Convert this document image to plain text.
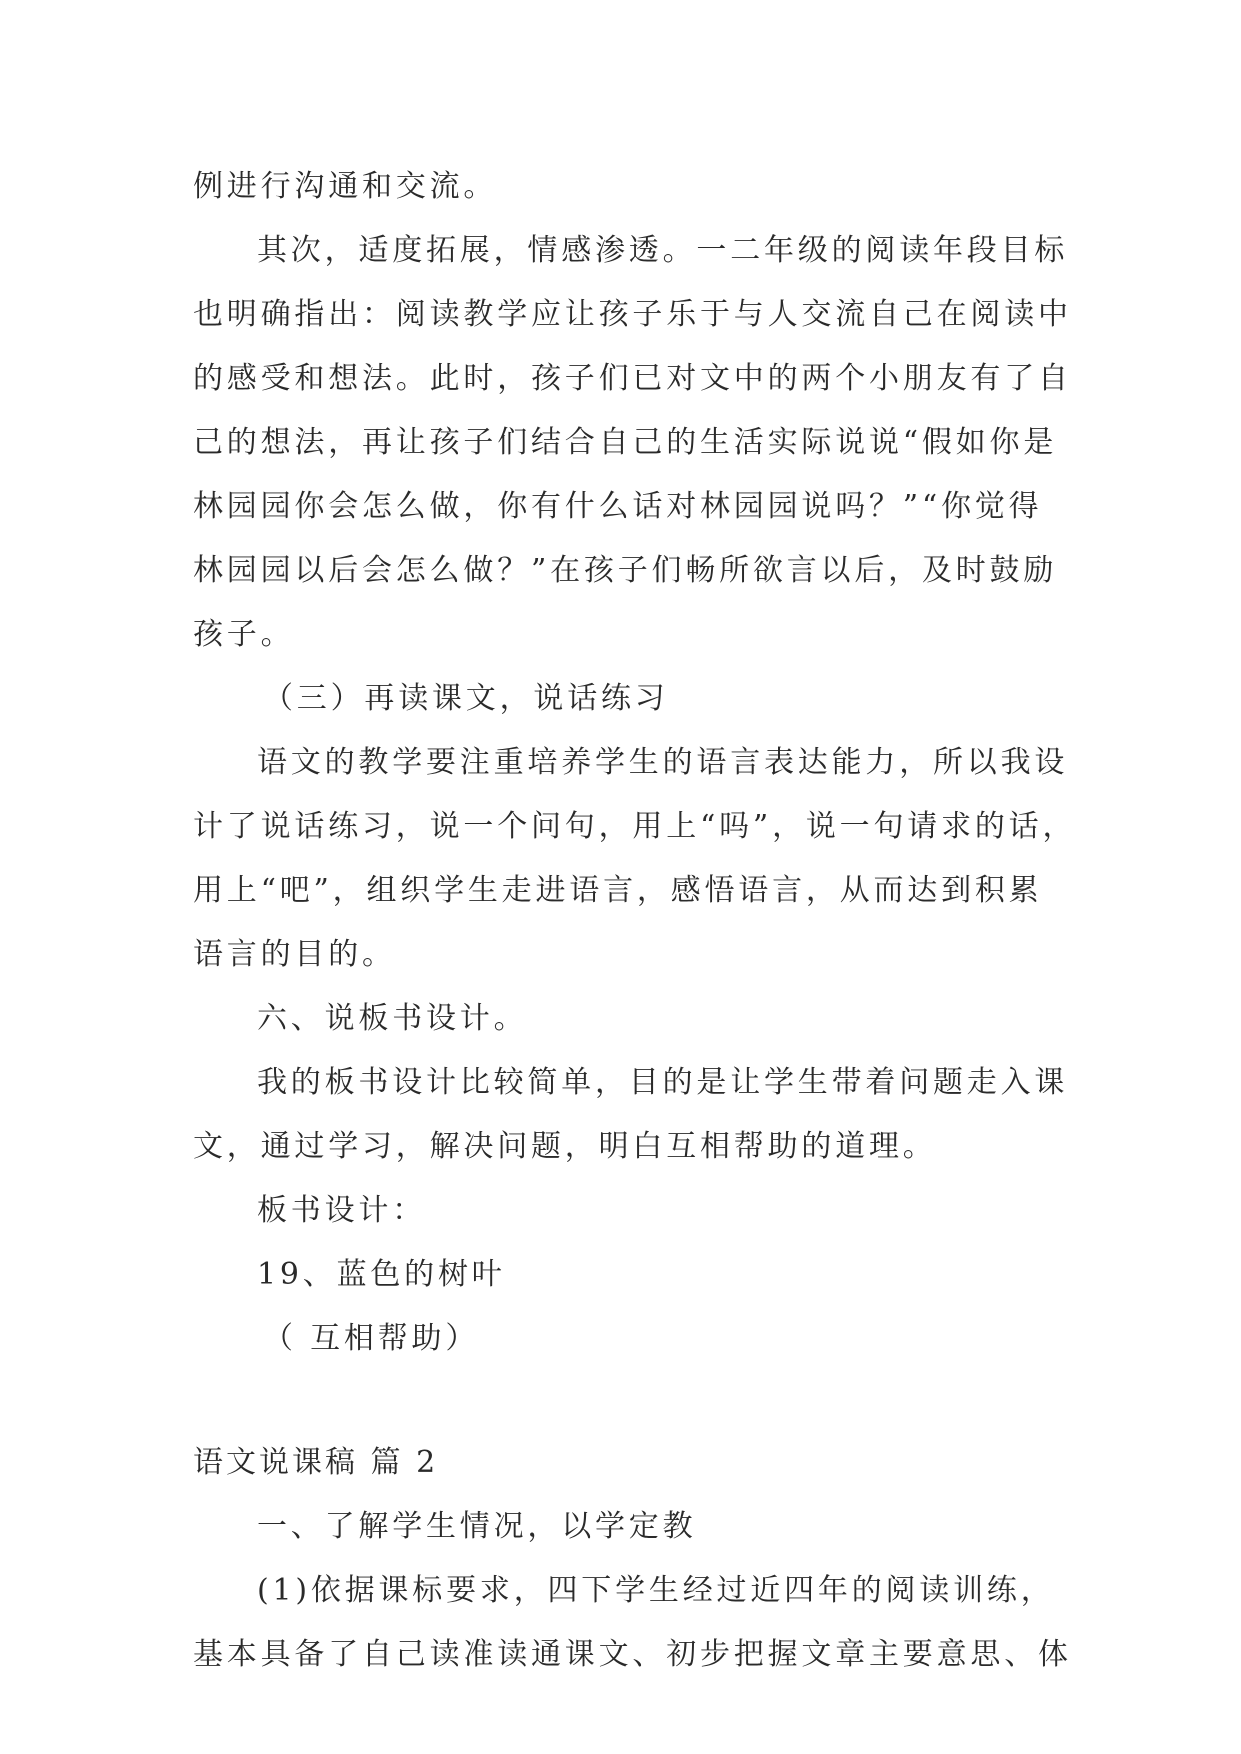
例进行沟通和交流。
其次，适度拓展，情感渗透。一二年级的阅读年段目标
也明确指出：阅读教学应让孩子乐于与人交流自己在阅读中
的感受和想法。此时，孩子们已对文中的两个小朋友有了自
己的想法，再让孩子们结合自己的生活实际说说“假如你是
林园园你会怎么做，你有什么话对林园园说吗？”“你觉得
林园园以后会怎么做？”在孩子们畅所欲言以后，及时鼓励
孩子。
（三）再读课文，说话练习
语文的教学要注重培养学生的语言表达能力，所以我设
计了说话练习，说一个问句，用上“吗”，说一句请求的话，
用上“吧”，组织学生走进语言，感悟语言，从而达到积累
语言的目的。
六、说板书设计。
我的板书设计比较简单，目的是让学生带着问题走入课
文，通过学习，解决问题，明白互相帮助的道理。
板书设计：
19、蓝色的树叶
（ 互相帮助）
语文说课稿 篇 2
一、了解学生情况，以学定教
(1)依据课标要求，四下学生经过近四年的阅读训练，
基本具备了自己读准读通课文、初步把握文章主要意思、体
